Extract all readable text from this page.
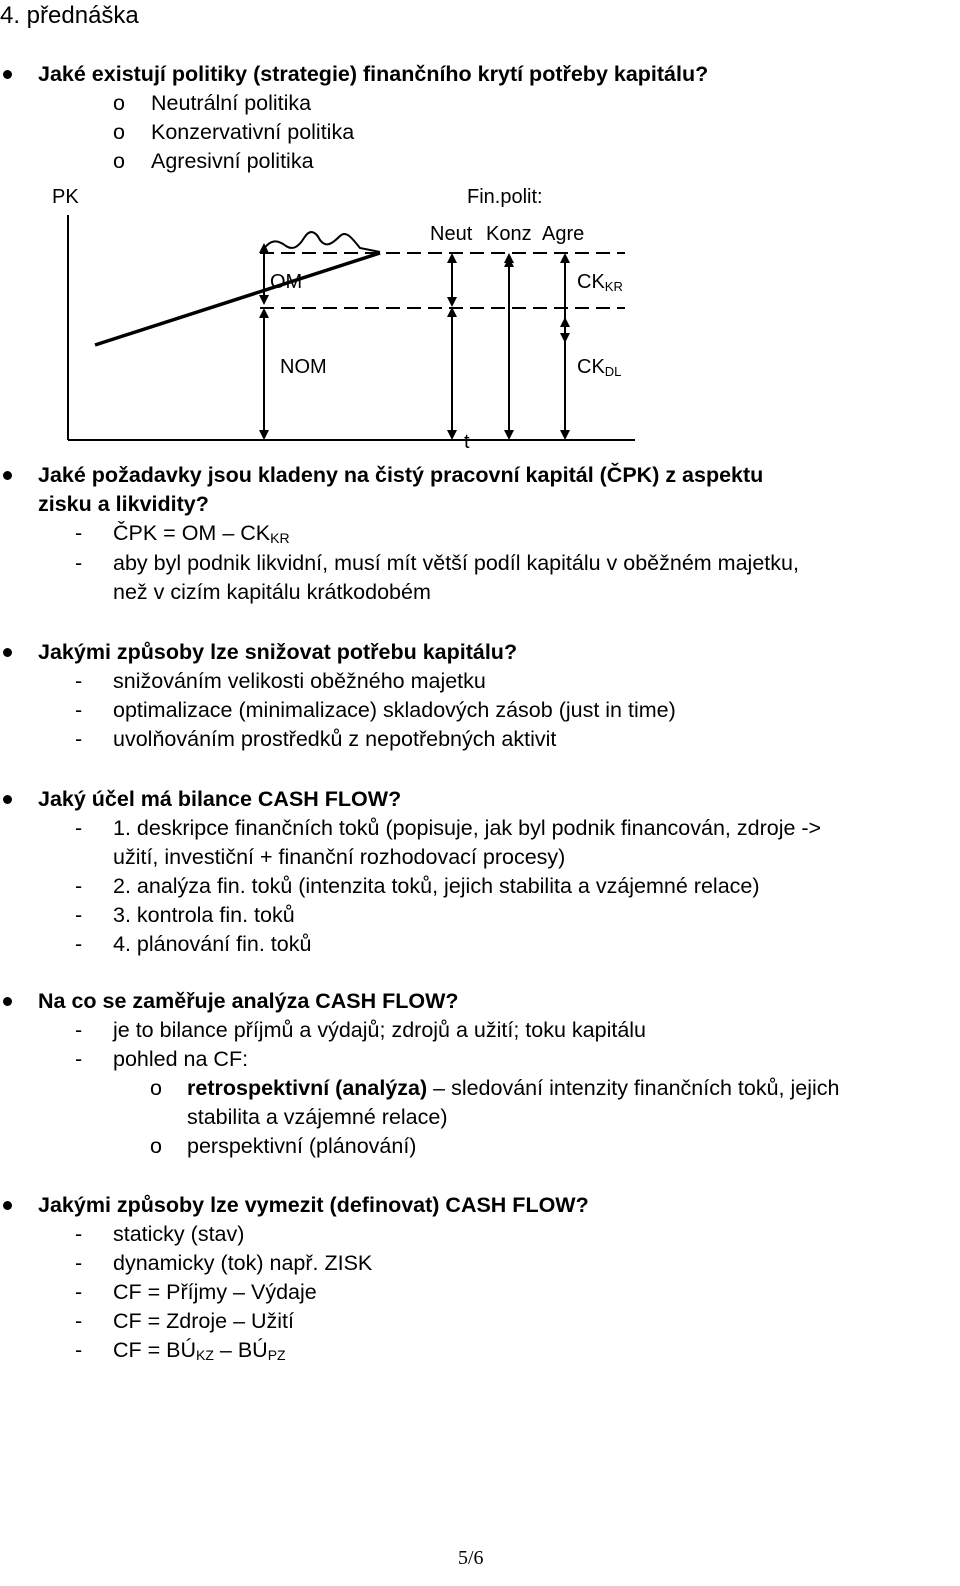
4. přednáška
Jaké existují politiky (strategie) finančního krytí potřeby kapitálu?
o Neutrální politika
o Konzervativní politika
o Agresivní politika
PK	Fin.polit:
Neut Konz Agre
OM	CKKR
NOM	CKDL
t
Jaké požadavky jsou kladeny na čistý pracovní kapitál (ČPK) z aspektu
zisku a likvidity?
- ČPK = OM – $CK_{KR}$
- aby byl podnik likvidní, musí mít větší podíl kapitálu v oběžném majetku,
než v cizím kapitálu krátkodobém
Jakými způsoby lze snižovat potřebu kapitálu?
- snižováním velikosti oběžného majetku
- optimalizace (minimalizace) skladových zásob (just in time)
- uvolňováním prostředků z nepotřebných aktivit
Jaký účel má bilance CASH FLOW?
- 1. deskripce finančních toků (popisuje, jak byl podnik financován, zdroje ->
užití, investiční + finanční rozhodovací procesy)
- 2. analýza fin. toků (intenzita toků, jejich stabilita a vzájemné relace)
- 3. kontrola fin. toků
- 4. plánování fin. toků
Na co se zaměřuje analýza CASH FLOW?
- je to bilance příjmů a výdajů; zdrojů a užití; toku kapitálu
- pohled na CF:
o retrospektivní (analýza) – sledování intenzity finančních toků, jejich
stabilita a vzájemné relace)
o perspektivní (plánování)
Jakými způsoby lze vymezit (definovat) CASH FLOW?
- staticky (stav)
- dynamicky (tok) např. ZISK
- CF = Příjmy – Výdaje
- CF = Zdroje – Užití
- CF = $BÚ_{KZ}$ – $BÚ_{PZ}$
5/6
